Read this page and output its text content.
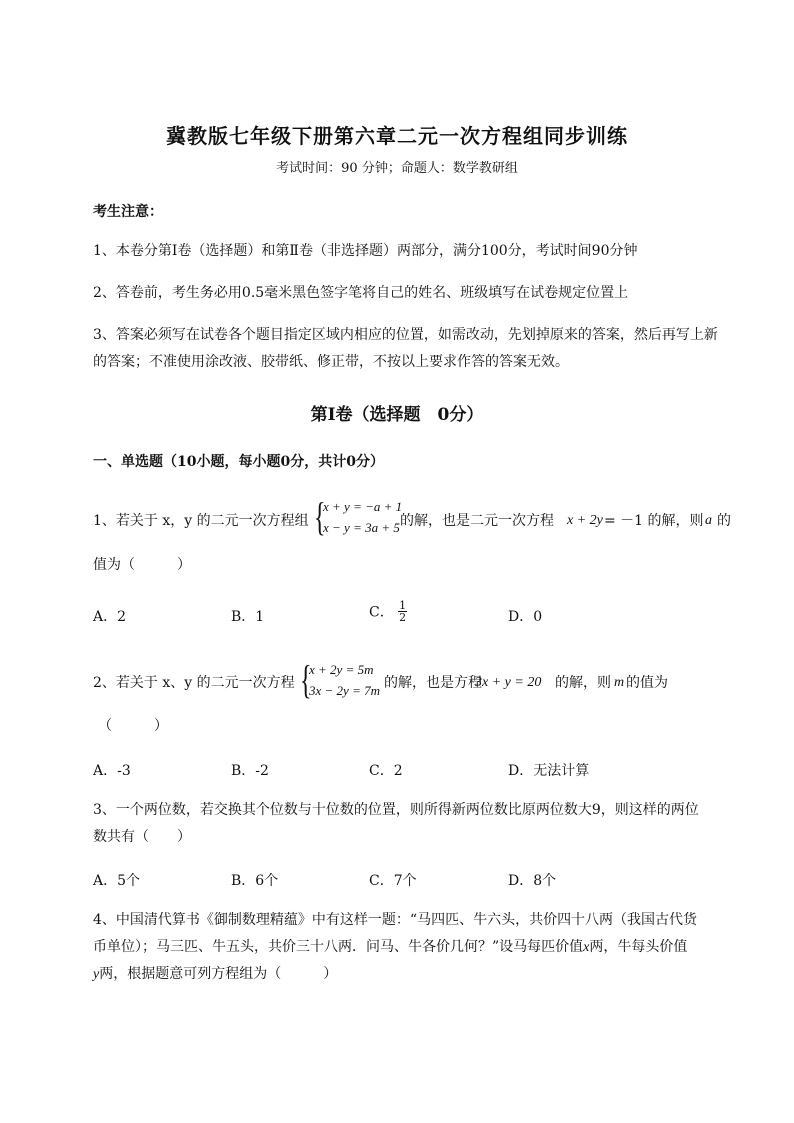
冀教版七年级下册第六章二元一次方程组同步训练
考试时间：90 分钟；命题人：数学教研组
考生注意：
1、本卷分第Ⅰ卷（选择题）和第Ⅱ卷（非选择题）两部分，满分100分，考试时间90分钟
2、答卷前，考生务必用0.5毫米黑色签字笔将自己的姓名、班级填写在试卷规定位置上
3、答案必须写在试卷各个题目指定区域内相应的位置，如需改动，先划掉原来的答案，然后再写上新
的答案；不准使用涂改液、胶带纸、修正带，不按以上要求作答的答案无效。
第Ⅰ卷（选择题　0分）
一、单选题（10小题，每小题0分，共计0分）
1、若关于 x，y 的二元一次方程组 {
x + y = −a + 1
x − y = 3a + 5 的解，也是二元一次方程 x + 2y = －1 的解，则 a 的
值为（　　　）
A．2	B．1	C． $\frac{1}{2}$	D．0
2、若关于 x、y 的二元一次方程 {
x + 2y = 5m
3x − 2y = 7m 的解，也是方程
3x + y = 20 的解，则 m 的值为
（　　　）
A．-3	B．-2	C．2	D．无法计算
3、一个两位数，若交换其个位数与十位数的位置，则所得新两位数比原两位数大9，则这样的两位
数共有（　　）
A．5个	B．6个	C．7个	D．8个
4、中国清代算书《御制数理精蕴》中有这样一题：“马四匹、牛六头，共价四十八两（我国古代货
币单位）；马三匹、牛五头，共价三十八两．问马、牛各价几何？”设马每匹价值x两，牛每头价值
y两，根据题意可列方程组为（　　　）
